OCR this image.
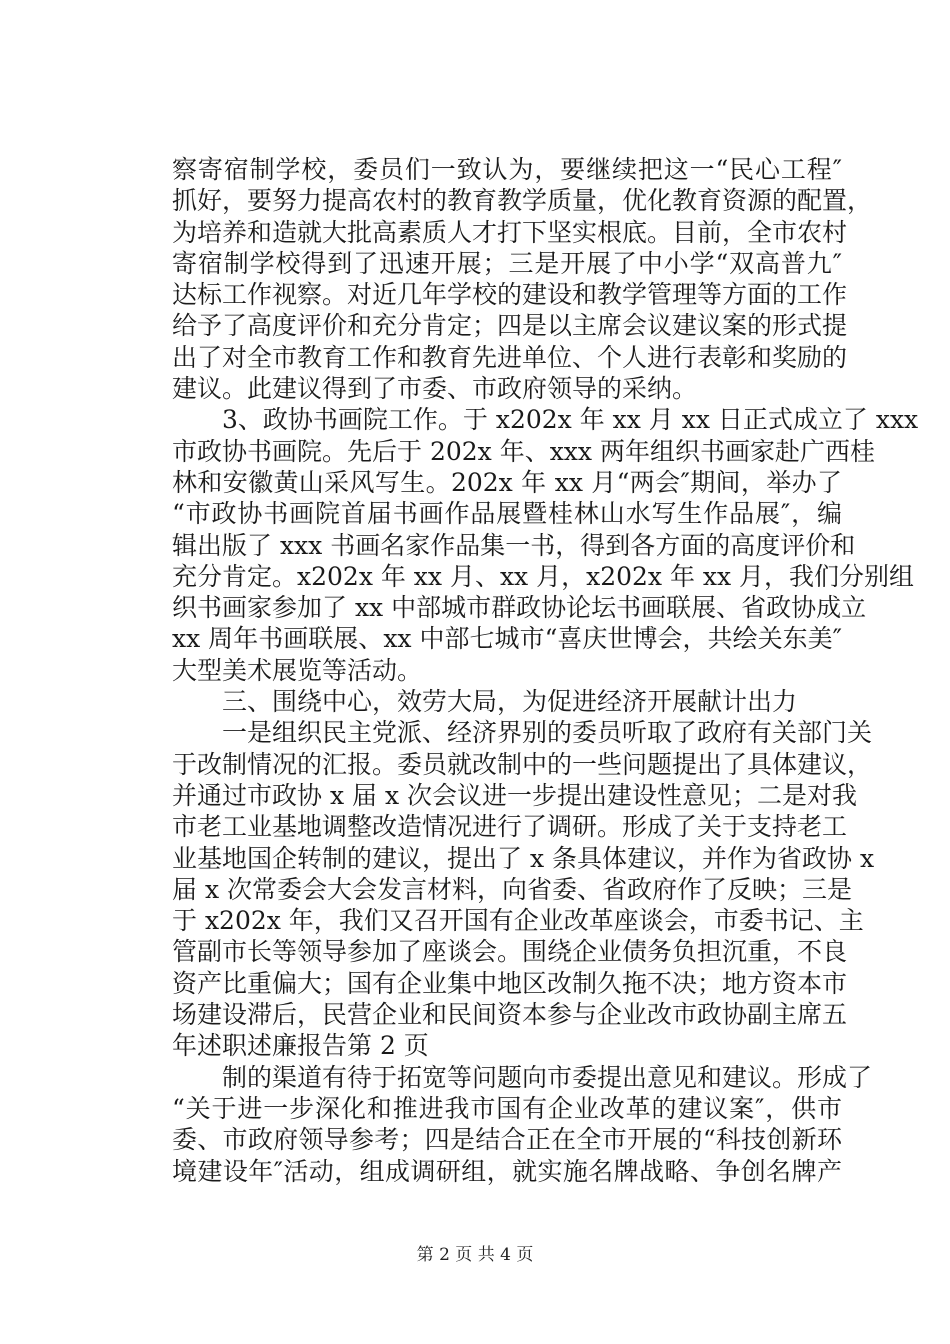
察寄宿制学校，委员们一致认为，要继续把这一“民心工程″
抓好，要努力提高农村的教育教学质量，优化教育资源的配置，
为培养和造就大批高素质人才打下坚实根底。目前，全市农村
寄宿制学校得到了迅速开展；三是开展了中小学“双高普九″
达标工作视察。对近几年学校的建设和教学管理等方面的工作
给予了高度评价和充分肯定；四是以主席会议建议案的形式提
出了对全市教育工作和教育先进单位、个人进行表彰和奖励的
建议。此建议得到了市委、市政府领导的采纳。
　　3、政协书画院工作。于 x202x 年 xx 月 xx 日正式成立了 xxx
市政协书画院。先后于 202x 年、xxx 两年组织书画家赴广西桂
林和安徽黄山采风写生。202x 年 xx 月“两会″期间，举办了
“市政协书画院首届书画作品展暨桂林山水写生作品展″，编
辑出版了 xxx 书画名家作品集一书，得到各方面的高度评价和
充分肯定。x202x 年 xx 月、xx 月，x202x 年 xx 月，我们分别组
织书画家参加了 xx 中部城市群政协论坛书画联展、省政协成立
xx 周年书画联展、xx 中部七城市“喜庆世博会，共绘关东美″
大型美术展览等活动。
　　三、围绕中心，效劳大局，为促进经济开展献计出力
　　一是组织民主党派、经济界别的委员听取了政府有关部门关
于改制情况的汇报。委员就改制中的一些问题提出了具体建议，
并通过市政协 x 届 x 次会议进一步提出建设性意见；二是对我
市老工业基地调整改造情况进行了调研。形成了关于支持老工
业基地国企转制的建议，提出了 x 条具体建议，并作为省政协 x
届 x 次常委会大会发言材料，向省委、省政府作了反映；三是
于 x202x 年，我们又召开国有企业改革座谈会，市委书记、主
管副市长等领导参加了座谈会。围绕企业债务负担沉重，不良
资产比重偏大；国有企业集中地区改制久拖不决；地方资本市
场建设滞后，民营企业和民间资本参与企业改市政协副主席五
年述职述廉报告第 2 页
　　制的渠道有待于拓宽等问题向市委提出意见和建议。形成了
“关于进一步深化和推进我市国有企业改革的建议案″，供市
委、市政府领导参考；四是结合正在全市开展的“科技创新环
境建设年″活动，组成调研组，就实施名牌战略、争创名牌产
第 2 页 共 4 页
